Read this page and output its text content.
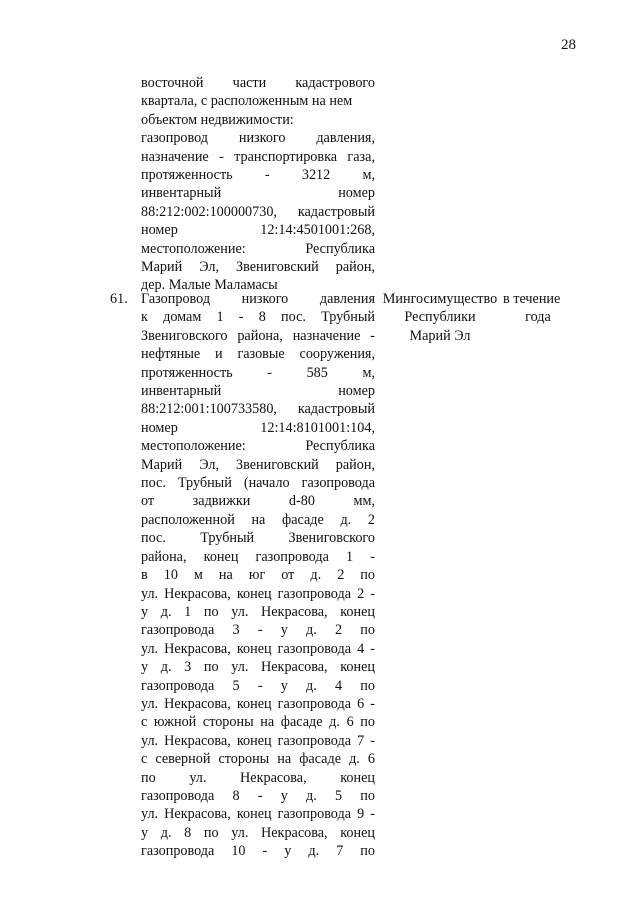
28
восточной части кадастрового
квартала, с расположенным на нем
объектом недвижимости:
газопровод низкого давления,
назначение - транспортировка газа,
протяженность - 3212 м,
инвентарный номер
88:212:002:100000730, кадастровый
номер 12:14:4501001:268,
местоположение: Республика
Марий Эл, Звениговский район,
дер. Малые Маламасы
61. Газопровод низкого давления
к домам 1 - 8 пос. Трубный
Звениговского района, назначение -
нефтяные и газовые сооружения,
протяженность - 585 м,
инвентарный номер
88:212:001:100733580, кадастровый
номер 12:14:8101001:104,
местоположение: Республика
Марий Эл, Звениговский район,
пос. Трубный (начало газопровода
от задвижки d-80 мм,
расположенной на фасаде д. 2
пос. Трубный Звениговского
района, конец газопровода 1 -
в 10 м на юг от д. 2 по
ул. Некрасова, конец газопровода 2 -
у д. 1 по ул. Некрасова, конец
газопровода 3 - у д. 2 по
ул. Некрасова, конец газопровода 4 -
у д. 3 по ул. Некрасова, конец
газопровода 5 - у д. 4 по
ул. Некрасова, конец газопровода 6 -
с южной стороны на фасаде д. 6 по
ул. Некрасова, конец газопровода 7 -
с северной стороны на фасаде д. 6
по ул. Некрасова, конец
газопровода 8 - у д. 5 по
ул. Некрасова, конец газопровода 9 -
у д. 8 по ул. Некрасова, конец
газопровода 10 - у д. 7 по
Мингосимущество
Республики
Марий Эл
в течение
года
